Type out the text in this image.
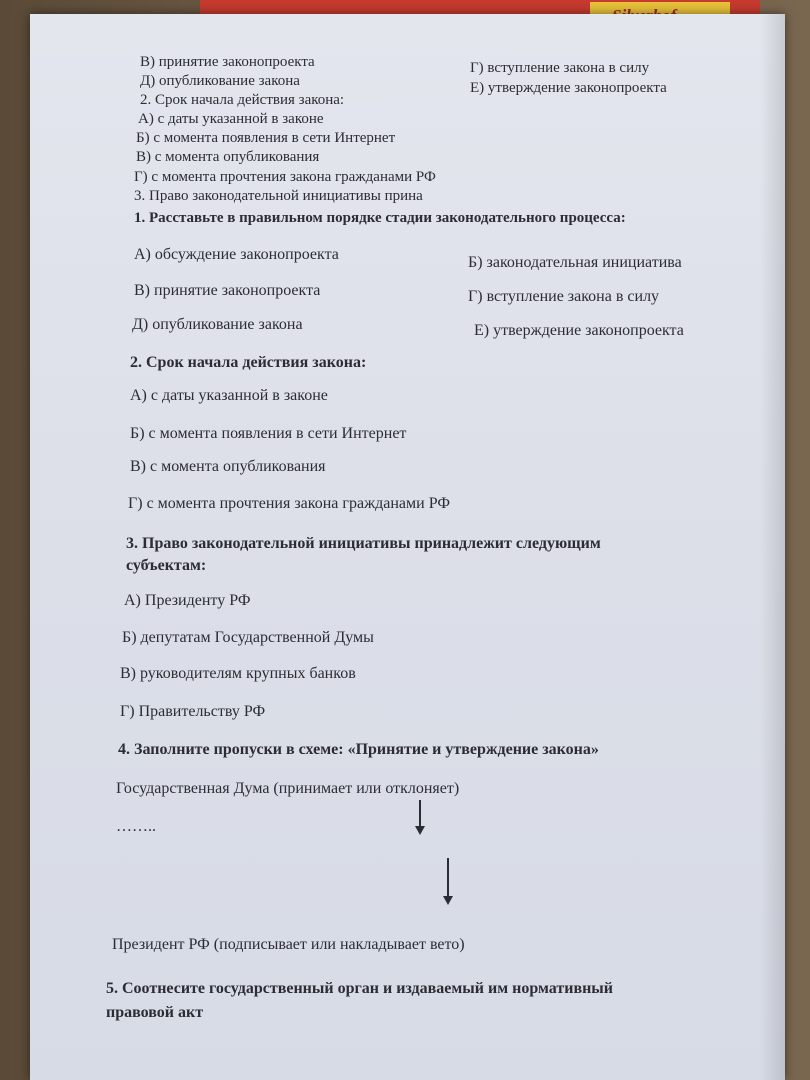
В) принятие законопроекта
Д) опубликование закона
2. Срок начала действия закона:
А) с даты указанной в законе
Б) с момента появления в сети Интернет
В) с момента опубликования
Г) с момента прочтения закона гражданами РФ
3. Право законодательной инициативы прина
Г) вступление закона в силу
Е) утверждение законопроекта
1. Расставьте в правильном порядке стадии законодательного процесса:
А) обсуждение законопроекта
В) принятие законопроекта
Д) опубликование закона
Б) законодательная инициатива
Г) вступление закона в силу
Е) утверждение законопроекта
2. Срок начала действия закона:
А) с даты указанной в законе
Б) с момента появления в сети Интернет
В) с момента опубликования
Г) с момента прочтения закона гражданами РФ
3. Право законодательной инициативы принадлежит следующим
субъектам:
А) Президенту РФ
Б) депутатам Государственной Думы
В) руководителям крупных банков
Г) Правительству РФ
4. Заполните пропуски в схеме: «Принятие и утверждение закона»
Государственная Дума (принимает или отклоняет)
……..
Президент РФ (подписывает или накладывает вето)
5. Соотнесите государственный орган и издаваемый им нормативный
правовой акт
